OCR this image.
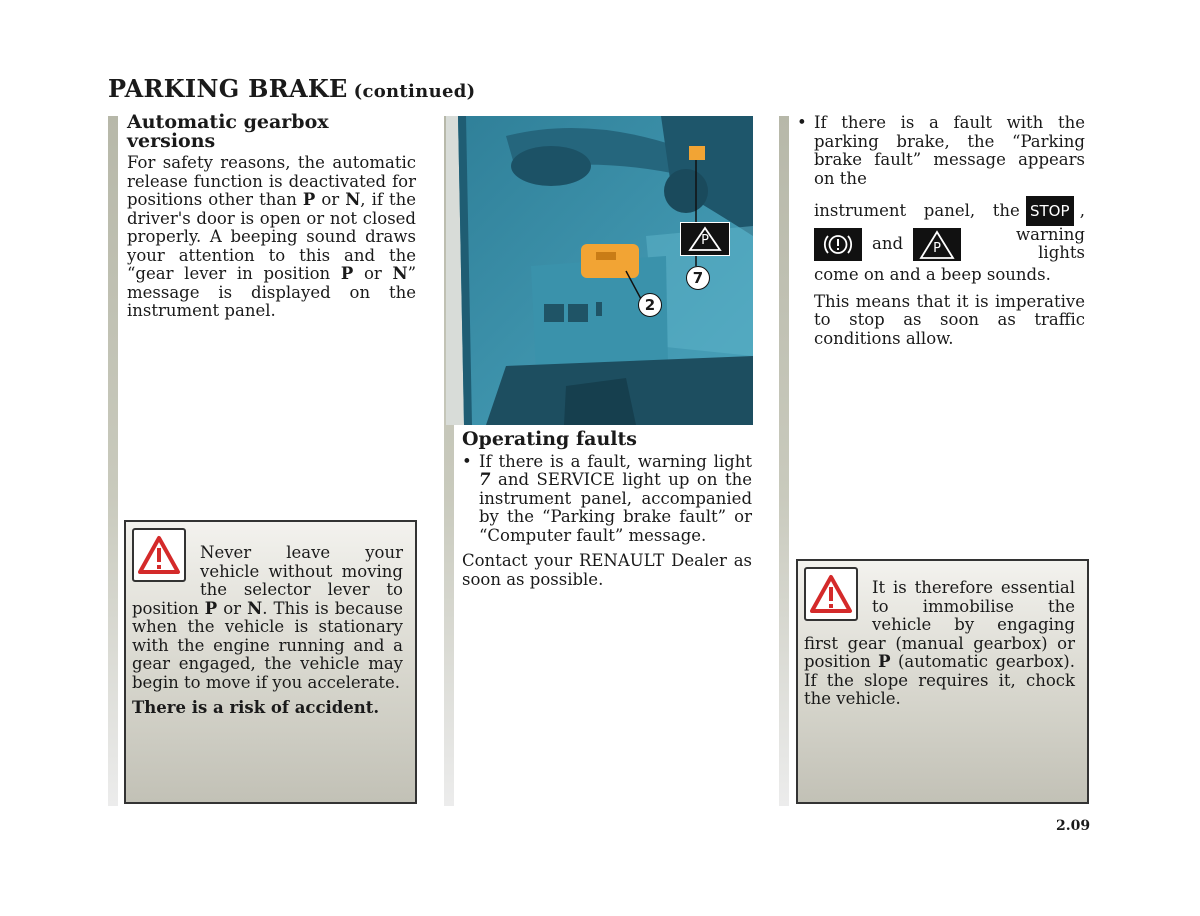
PARKING BRAKE (continued)
Automatic gearbox versions

For safety reasons, the automatic release function is deactivated for positions other than P or N, if the driver's door is open or not closed properly. A beeping sound draws your attention to this and the “gear lever in position P or N” message is displayed on the instrument panel.

Never leave your vehicle without moving the selector lever to position P or N. This is because when the vehicle is stationary with the engine running and a gear engaged, the vehicle may begin to move if you accelerate.

There is a risk of accident.

P
7
2
Operating faults

• If there is a fault, warning light 7 and SERVICE light up on the instrument panel, accompanied by the “Parking brake fault” or “Computer fault” message.

Contact your RENAULT Dealer as soon as possible.

• If there is a fault with the parking brake, the “Parking brake fault” message appears on the

instrument panel, the STOP ,
and	P
warning lights

come on and a beep sounds.

This means that it is imperative to stop as soon as traffic conditions allow.

It is therefore essential to immobilise the vehicle by engaging first gear (manual gearbox) or position P (automatic gearbox). If the slope requires it, chock the vehicle.

2.09
